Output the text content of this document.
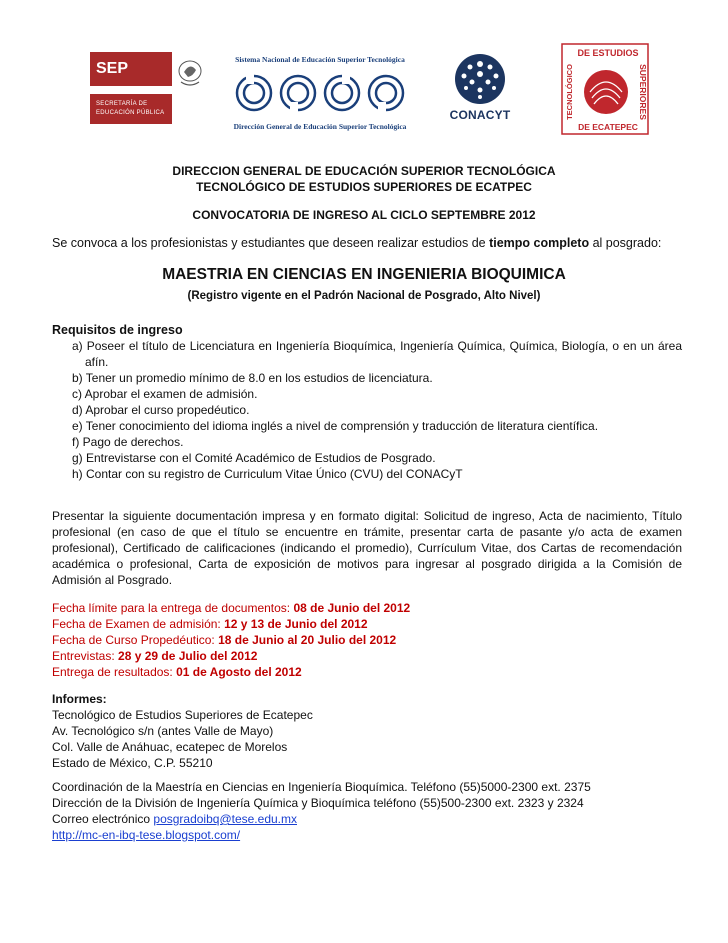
SEP
SECRETARÍA DE
EDUCACIÓN PÚBLICA
Sistema Nacional de Educación Superior Tecnológica
Dirección General de Educación Superior Tecnológica
CONACYT
DE ESTUDIOS
DE ECATEPEC
SUPERIORES
TECNOLÓGICO
DIRECCION GENERAL DE EDUCACIÓN SUPERIOR TECNOLÓGICA
TECNOLÓGICO DE ESTUDIOS SUPERIORES DE ECATPEC
CONVOCATORIA DE INGRESO AL CICLO SEPTEMBRE 2012
Se convoca a los profesionistas y estudiantes que deseen realizar estudios de tiempo completo al posgrado:
MAESTRIA EN CIENCIAS EN INGENIERIA BIOQUIMICA
(Registro vigente en el Padrón Nacional de Posgrado, Alto Nivel)
Requisitos de ingreso
a) Poseer el título de Licenciatura en Ingeniería Bioquímica, Ingeniería Química, Química, Biología, o en un área afín.
b) Tener un promedio mínimo de 8.0 en los estudios de licenciatura.
c) Aprobar el examen de admisión.
d) Aprobar el curso propedéutico.
e) Tener conocimiento del idioma inglés a nivel de comprensión y traducción de literatura científica.
f) Pago de derechos.
g) Entrevistarse con el Comité Académico de Estudios de Posgrado.
h) Contar con su registro de Curriculum Vitae Único (CVU) del CONACyT
Presentar la siguiente documentación impresa y en formato digital: Solicitud de ingreso, Acta de nacimiento, Título profesional (en caso de que el título se encuentre en trámite, presentar carta de pasante y/o acta de examen profesional), Certificado de calificaciones (indicando el promedio), Currículum Vitae, dos Cartas de recomendación académica o profesional, Carta de exposición de motivos para ingresar al posgrado dirigida a la Comisión de Admisión al Posgrado.
Fecha límite para la entrega de documentos: 08 de Junio del 2012
Fecha de Examen de admisión: 12 y 13 de Junio del 2012
Fecha de Curso Propedéutico: 18 de Junio al 20 Julio del 2012
Entrevistas: 28 y 29 de Julio del 2012
Entrega de resultados: 01 de Agosto del 2012
Informes:
Tecnológico de Estudios Superiores de Ecatepec
Av. Tecnológico s/n (antes Valle de Mayo)
Col. Valle de Anáhuac, ecatepec de Morelos
Estado de México, C.P. 55210
Coordinación de la Maestría en Ciencias en Ingeniería Bioquímica. Teléfono (55)5000-2300 ext. 2375
Dirección de la División de Ingeniería Química y Bioquímica teléfono (55)500-2300 ext. 2323 y 2324
Correo electrónico posgradoibq@tese.edu.mx
http://mc-en-ibq-tese.blogspot.com/
